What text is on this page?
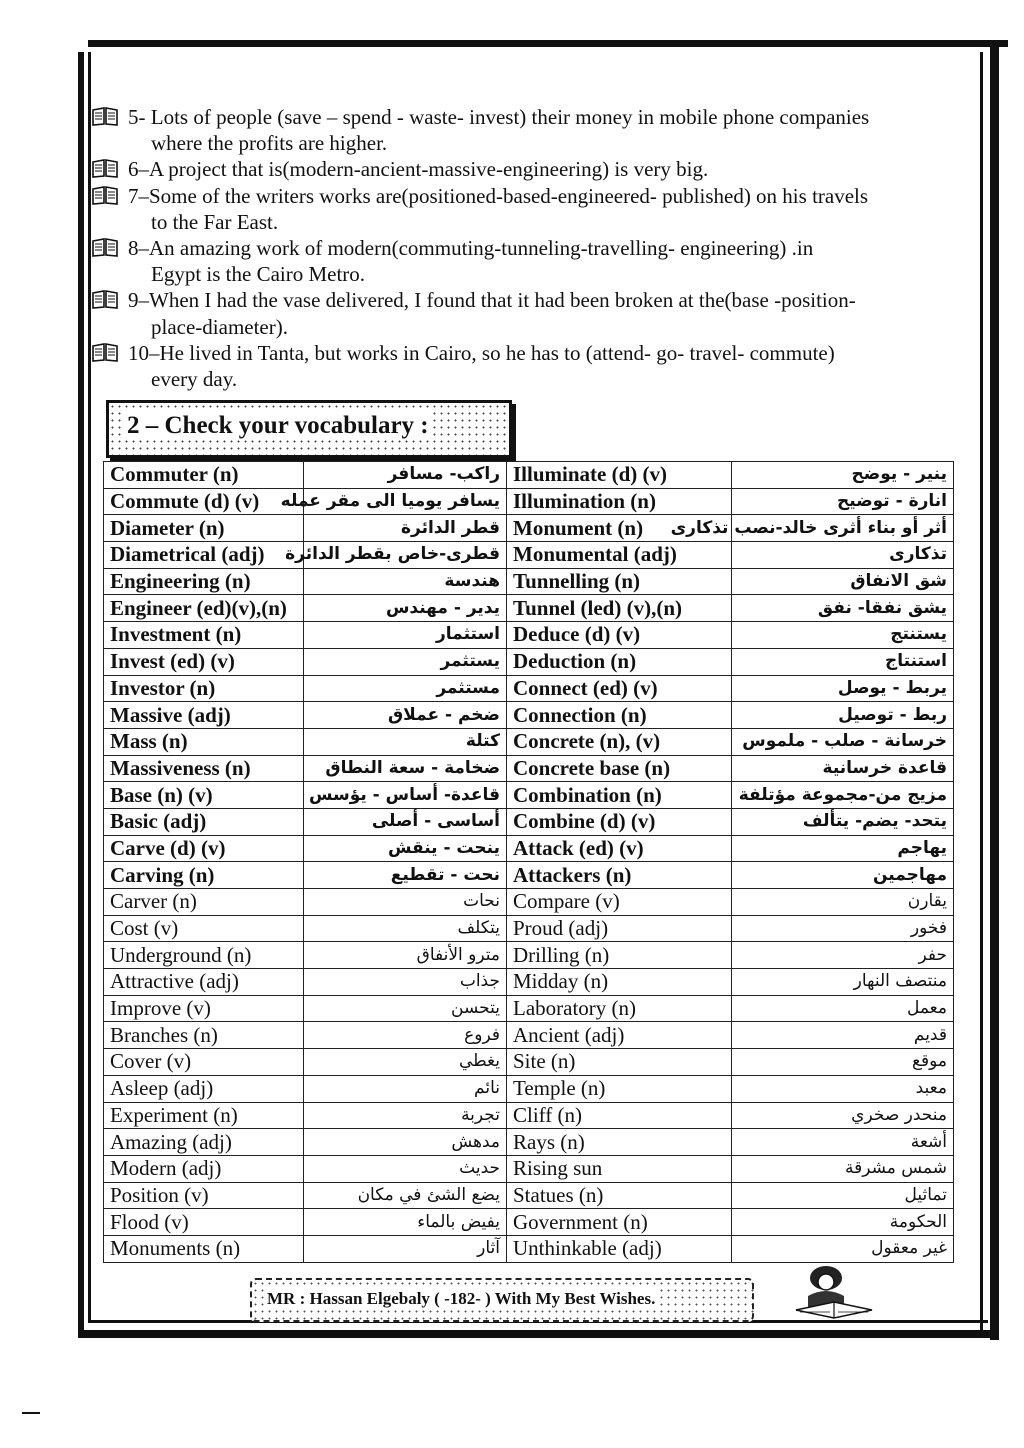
5- Lots of people (save – spend - waste- invest) their money in mobile phone companies
where the profits are higher.
6–A project that is(modern-ancient-massive-engineering) is very big.
7–Some of the writers works are(positioned-based-engineered- published) on his travels
to the Far East.
8–An amazing work of modern(commuting-tunneling-travelling- engineering) .in
Egypt is the Cairo Metro.
9–When I had the vase delivered, I found that it had been broken at the(base -position-
place-diameter).
10–He lived in Tanta, but works in Cairo, so he has to (attend- go- travel- commute)
every day.
2 – Check your vocabulary :
Commuter (n)	راكب- مسافر	Illuminate (d) (v)	ينير - يوضح
Commute (d) (v)	يسافر يوميا الى مقر عمله	Illumination (n)	انارة - توضيح
Diameter (n)	قطر الدائرة	Monument (n)	أثر أو بناء أثرى خالد-نصب تذكارى
Diametrical (adj)	قطرى-خاص بقطر الدائرة	Monumental (adj)	تذكارى
Engineering (n)	هندسة	Tunnelling (n)	شق الانفاق
Engineer (ed)(v),(n)	يدير - مهندس	Tunnel (led) (v),(n)	يشق نفقا- نفق
Investment (n)	استثمار	Deduce (d) (v)	يستنتج
Invest (ed) (v)	يستثمر	Deduction (n)	استنتاج
Investor (n)	مستثمر	Connect (ed) (v)	يربط - يوصل
Massive (adj)	ضخم - عملاق	Connection (n)	ربط - توصيل
Mass (n)	كتلة	Concrete (n), (v)	خرسانة - صلب - ملموس
Massiveness (n)	ضخامة - سعة النطاق	Concrete base (n)	قاعدة خرسانية
Base (n) (v)	قاعدة- أساس - يؤسس	Combination (n)	مزيج من-مجموعة مؤتلفة
Basic (adj)	أساسى - أصلى	Combine (d) (v)	يتحد- يضم- يتألف
Carve (d) (v)	ينحت - ينقش	Attack (ed) (v)	يهاجم
Carving (n)	نحت - تقطيع	Attackers (n)	مهاجمين
Carver (n)	نحات	Compare (v)	يقارن
Cost (v)	يتكلف	Proud (adj)	فخور
Underground (n)	مترو الأنفاق	Drilling (n)	حفر
Attractive (adj)	جذاب	Midday (n)	منتصف النهار
Improve (v)	يتحسن	Laboratory (n)	معمل
Branches (n)	فروع	Ancient (adj)	قديم
Cover (v)	يغطي	Site (n)	موقع
Asleep (adj)	نائم	Temple (n)	معبد
Experiment (n)	تجربة	Cliff (n)	منحدر صخري
Amazing (adj)	مدهش	Rays (n)	أشعة
Modern (adj)	حديث	Rising sun	شمس مشرقة
Position (v)	يضع الشئ في مكان	Statues (n)	تماثيل
Flood (v)	يفيض بالماء	Government (n)	الحكومة
Monuments (n)	آثار	Unthinkable (adj)	غير معقول
MR : Hassan Elgebaly ( -182- ) With My Best Wishes.
